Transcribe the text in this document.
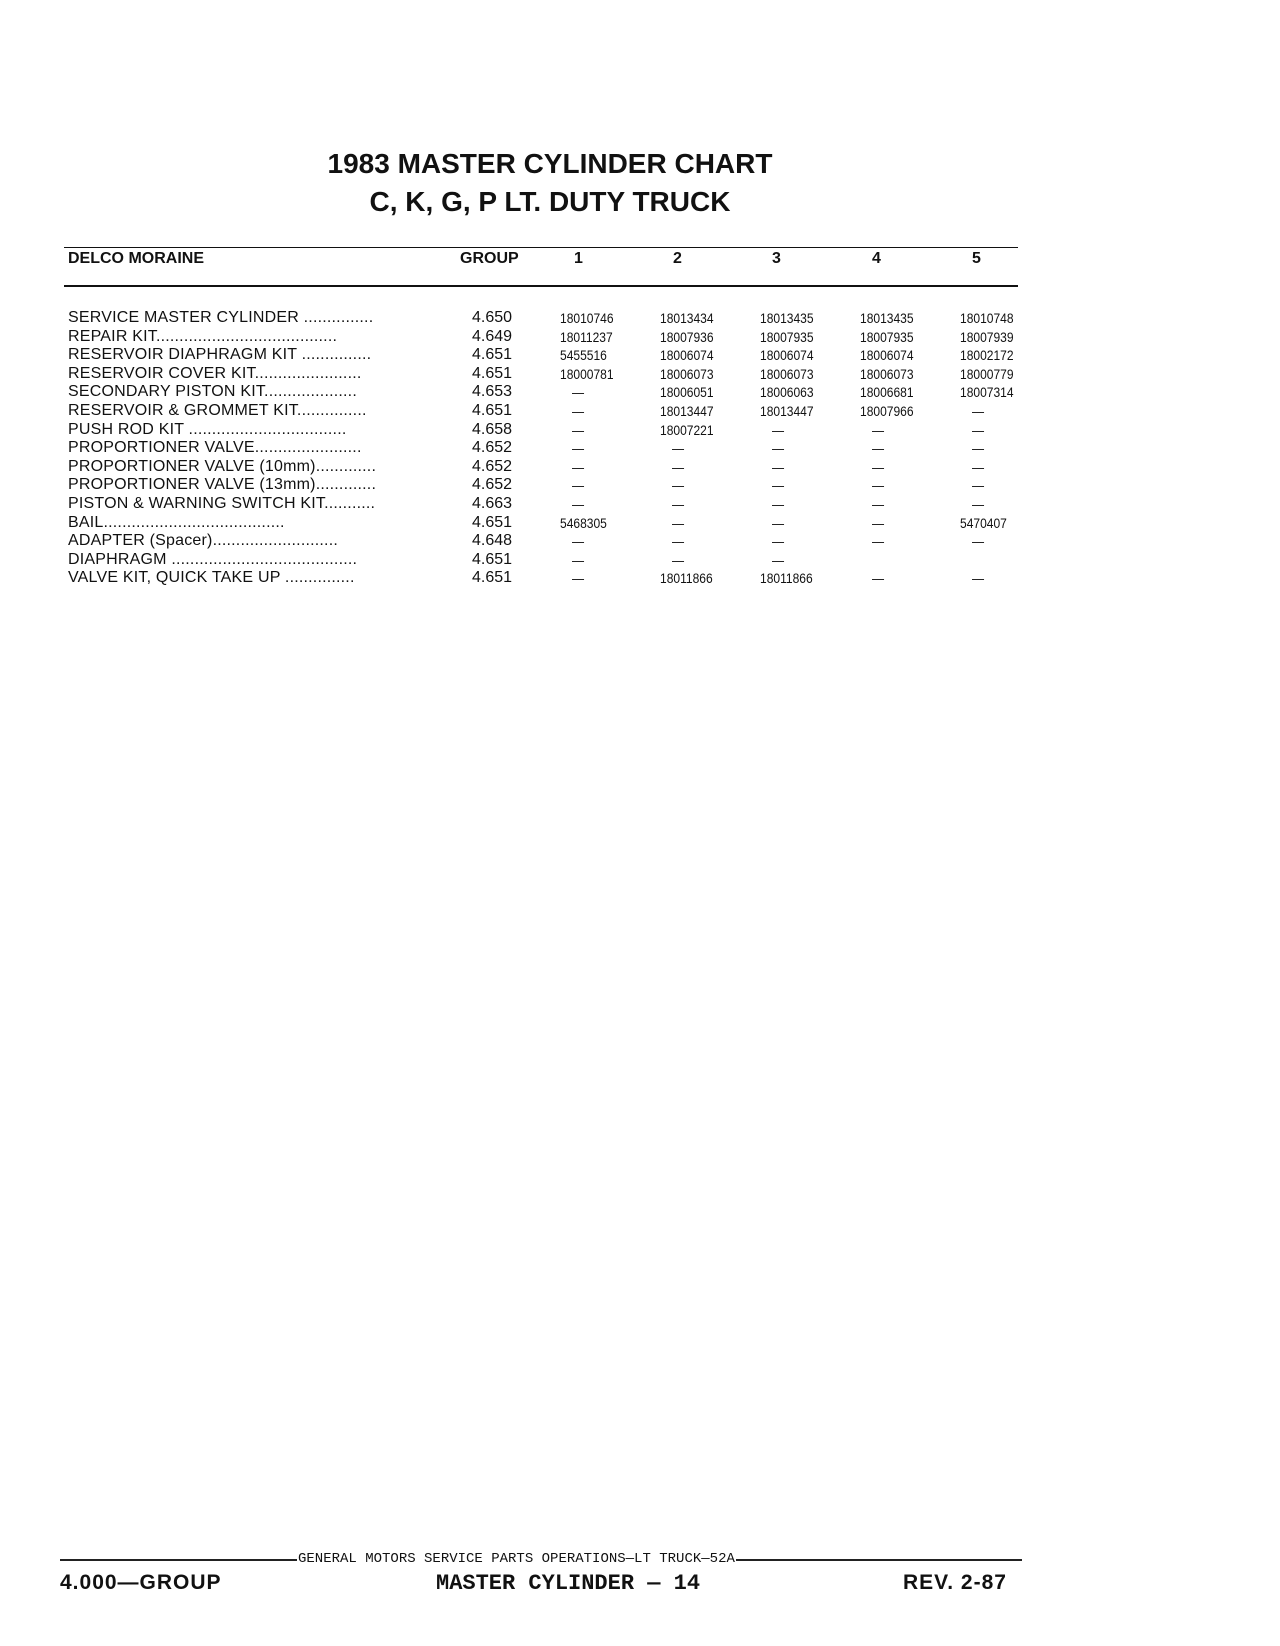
1983 MASTER CYLINDER CHART
C, K, G, P LT. DUTY TRUCK
DELCO MORAINE	GROUP	1	2	3	4	5
SERVICE MASTER CYLINDER ...............	4.650	18010746	18013434	18013435	18013435	18010748
REPAIR KIT.......................................	4.649	18011237	18007936	18007935	18007935	18007939
RESERVOIR DIAPHRAGM KIT ...............	4.651	5455516	18006074	18006074	18006074	18002172
RESERVOIR COVER KIT.......................	4.651	18000781	18006073	18006073	18006073	18000779
SECONDARY PISTON KIT....................	4.653	—	18006051	18006063	18006681	18007314
RESERVOIR & GROMMET KIT...............	4.651	—	18013447	18013447	18007966	—
PUSH ROD KIT ..................................	4.658	—	18007221	—	—	—
PROPORTIONER VALVE.......................	4.652	—	—	—	—	—
PROPORTIONER VALVE (10mm).............	4.652	—	—	—	—	—
PROPORTIONER VALVE (13mm).............	4.652	—	—	—	—	—
PISTON & WARNING SWITCH KIT...........	4.663	—	—	—	—	—
BAIL.......................................	4.651	5468305	—	—	—	5470407
ADAPTER (Spacer)...........................	4.648	—	—	—	—	—
DIAPHRAGM ........................................	4.651	—	—	—
VALVE KIT, QUICK TAKE UP ...............	4.651	—	18011866	18011866	—	—
GENERAL MOTORS SERVICE PARTS OPERATIONS—LT TRUCK—52A
4.000—GROUP	MASTER CYLINDER — 14	REV. 2-87
